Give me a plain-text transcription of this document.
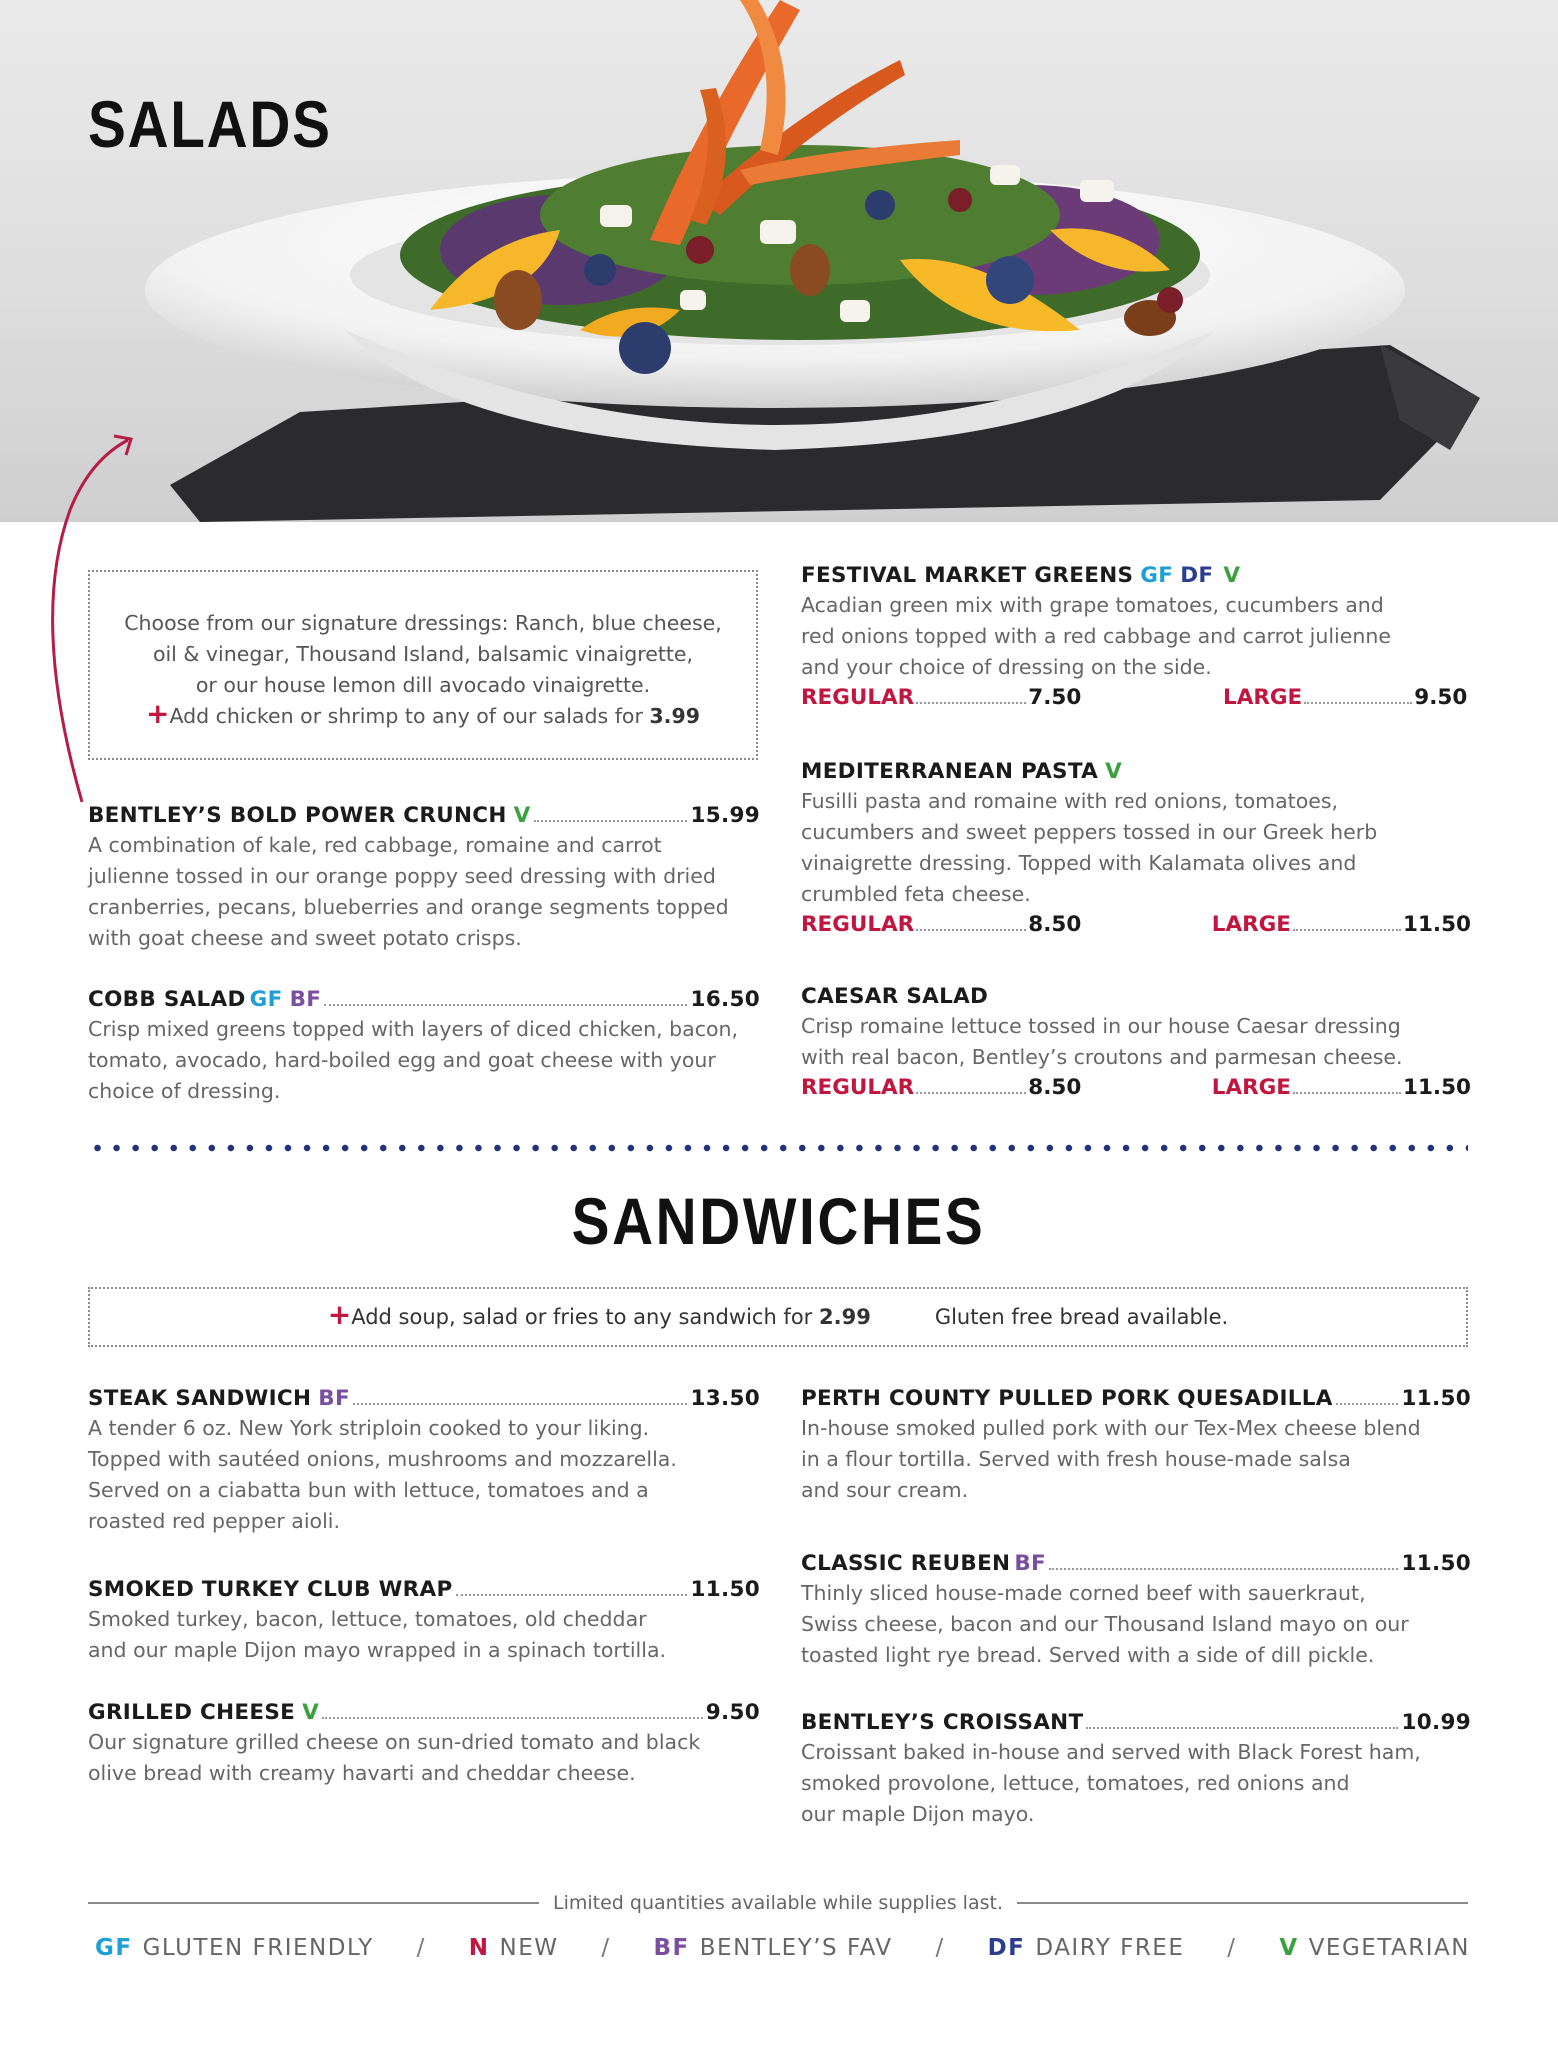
SALADS

Choose from our signature dressings: Ranch, blue cheese,

oil & vinegar, Thousand Island, balsamic vinaigrette,

or our house lemon dill avocado vinaigrette.

+Add chicken or shrimp to any of our salads for 3.99

BENTLEY’S BOLD POWER CRUNCH V	15.99
A combination of kale, red cabbage, romaine and carrot
julienne tossed in our orange poppy seed dressing with dried
cranberries, pecans, blueberries and orange segments topped
with goat cheese and sweet potato crisps.
COBB SALAD GF BF	16.50
Crisp mixed greens topped with layers of diced chicken, bacon,
tomato, avocado, hard-boiled egg and goat cheese with your
choice of dressing.
FESTIVAL MARKET GREENS GF DF V
Acadian green mix with grape tomatoes, cucumbers and
red onions topped with a red cabbage and carrot julienne
and your choice of dressing on the side.
REGULAR	7.50	LARGE	9.50
MEDITERRANEAN PASTA V
Fusilli pasta and romaine with red onions, tomatoes,
cucumbers and sweet peppers tossed in our Greek herb
vinaigrette dressing. Topped with Kalamata olives and
crumbled feta cheese.
REGULAR	8.50	LARGE	11.50
CAESAR SALAD
Crisp romaine lettuce tossed in our house Caesar dressing
with real bacon, Bentley’s croutons and parmesan cheese.
REGULAR	8.50	LARGE	11.50
SANDWICHES
+Add soup, salad or fries to any sandwich for 2.99	Gluten free bread available.
STEAK SANDWICH BF	13.50
A tender 6 oz. New York striploin cooked to your liking.
Topped with sautéed onions, mushrooms and mozzarella.
Served on a ciabatta bun with lettuce, tomatoes and a
roasted red pepper aioli.
SMOKED TURKEY CLUB WRAP	11.50
Smoked turkey, bacon, lettuce, tomatoes, old cheddar
and our maple Dijon mayo wrapped in a spinach tortilla.
GRILLED CHEESE V	9.50
Our signature grilled cheese on sun-dried tomato and black
olive bread with creamy havarti and cheddar cheese.
PERTH COUNTY PULLED PORK QUESADILLA	11.50
In-house smoked pulled pork with our Tex-Mex cheese blend
in a flour tortilla. Served with fresh house-made salsa
and sour cream.
CLASSIC REUBEN BF	11.50
Thinly sliced house-made corned beef with sauerkraut,
Swiss cheese, bacon and our Thousand Island mayo on our
toasted light rye bread. Served with a side of dill pickle.
BENTLEY’S CROISSANT	10.99
Croissant baked in-house and served with Black Forest ham,
smoked provolone, lettuce, tomatoes, red onions and
our maple Dijon mayo.
Limited quantities available while supplies last.
GF GLUTEN FRIENDLY / N NEW / BF BENTLEY’S FAV / DF DAIRY FREE / V VEGETARIAN
